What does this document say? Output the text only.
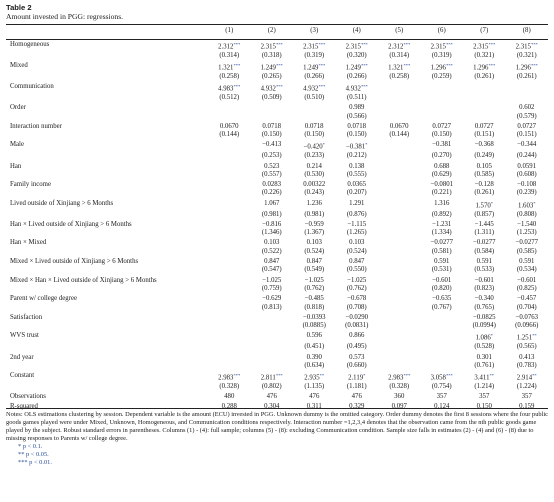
Table 2
Amount invested in PGG: regressions.
	(1)	(2)	(3)	(4)	(5)	(6)	(7)	(8)

Homogeneous	2.312***	2.315***	2.315***	2.315***	2.312***	2.315***	2.315***	2.315***
	(0.314)	(0.318)	(0.319)	(0.320)	(0.314)	(0.319)	(0.321)	(0.321)

Mixed	1.321***	1.249***	1.249***	1.249***	1.321***	1.296***	1.296***	1.296***
	(0.258)	(0.265)	(0.266)	(0.266)	(0.258)	(0.259)	(0.261)	(0.261)

Communication	4.983***	4.932***	4.932***	4.932***				
	(0.512)	(0.509)	(0.510)	(0.511)				

Order				0.989				0.602
				(0.566)				(0.579)

Interaction number	0.0670	0.0718	0.0718	0.0718	0.0670	0.0727	0.0727	0.0727
	(0.144)	(0.150)	(0.150)	(0.150)	(0.144)	(0.150)	(0.151)	(0.151)

Male		−0.413	−0.420*	−0.381*		−0.381	−0.368	−0.344
		(0.253)	(0.233)	(0.212)		(0.270)	(0.249)	(0.244)

Han		0.523	0.214	0.138		0.688	0.105	0.0591
		(0.557)	(0.530)	(0.555)		(0.629)	(0.585)	(0.608)

Family income		0.0283	0.00322	0.0365		−0.0801	−0.128	−0.108
		(0.226)	(0.243)	(0.207)		(0.221)	(0.261)	(0.239)

Lived outside of Xinjiang > 6 Months		1.067	1.236	1.291		1.316	1.570*	1.603*
		(0.981)	(0.981)	(0.876)		(0.892)	(0.857)	(0.808)

Han × Lived outside of Xinjiang > 6 Months		−0.816	−0.959	−1.115		−1.231	−1.445	−1.540
		(1.346)	(1.367)	(1.265)		(1.334)	(1.311)	(1.253)

Han × Mixed		0.103	0.103	0.103		−0.0277	−0.0277	−0.0277
		(0.522)	(0.524)	(0.524)		(0.581)	(0.584)	(0.585)

Mixed × Lived outside of Xinjiang > 6 Months		0.847	0.847	0.847		0.591	0.591	0.591
		(0.547)	(0.549)	(0.550)		(0.531)	(0.533)	(0.534)

Mixed × Han × Lived outside of Xinjiang > 6 Months		−1.025	−1.025	−1.025		−0.601	−0.601	−0.601
		(0.759)	(0.762)	(0.762)		(0.820)	(0.823)	(0.825)

Parent w/ college degree		−0.629	−0.485	−0.678		−0.635	−0.340	−0.457
		(0.813)	(0.818)	(0.708)		(0.767)	(0.765)	(0.704)

Satisfaction			−0.0393	−0.0290			−0.0825	−0.0763
			(0.0885)	(0.0831)			(0.0994)	(0.0966)

WVS trust			0.596	0.866			1.086*	1.251**
			(0.451)	(0.495)			(0.528)	(0.565)

2nd year			0.390	0.573			0.301	0.413
			(0.634)	(0.660)			(0.761)	(0.783)

Constant	2.983***	2.811***	2.935**	2.119*	2.983***	3.058***	3.411**	2.914**
	(0.328)	(0.802)	(1.135)	(1.181)	(0.328)	(0.754)	(1.214)	(1.224)

Observations	480	476	476	476	360	357	357	357

R-squared	0.288	0.304	0.311	0.329	0.097	0.124	0.150	0.159

Notes: OLS estimations clustering by session. Dependent variable is the amount (ECU) invested in PGG. Unknown dummy is the omitted category. Order dummy denotes the first 8 sessions where the four public goods games played were under Mixed, Unknown, Homogeneous, and Communication conditions respectively. Interaction number =1,2,3,4 denotes that the observation came from the nth public goods game played by the subject. Robust standard errors in parentheses. Columns (1) - (4): full sample; columns (5) - (8): excluding Communication condition. Sample size falls in estimates (2) - (4) and (6) - (8) due to missing responses to Parents w/ college degree.

* p < 0.1.

** p < 0.05.

*** p < 0.01.
